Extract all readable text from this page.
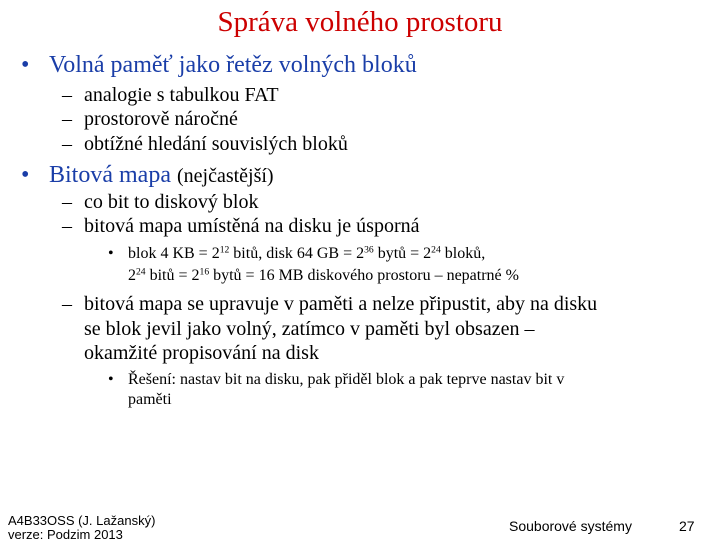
Správa volného prostoru
• Volná paměť jako řetěz volných bloků
– analogie s tabulkou FAT
– prostorově náročné
– obtížné hledání souvislých bloků
• Bitová mapa (nejčastější)
– co bit to diskový blok
– bitová mapa umístěná na disku je úsporná
• blok 4 KB = $2^{12}$ bitů, disk 64 GB = $2^{36}$ bytů = $2^{24}$ bloků,
$2^{24}$ bitů = $2^{16}$ bytů = 16 MB diskového prostoru – nepatrné %
– bitová mapa se upravuje v paměti a nelze připustit, aby na disku
se blok jevil jako volný, zatímco v paměti byl obsazen –
okamžité propisování na disk
• Řešení: nastav bit na disku, pak přiděl blok a pak teprve nastav bit v
paměti
A4B33OSS (J. Lažanský)
verze: Podzim 2013
Souborové systémy	27
